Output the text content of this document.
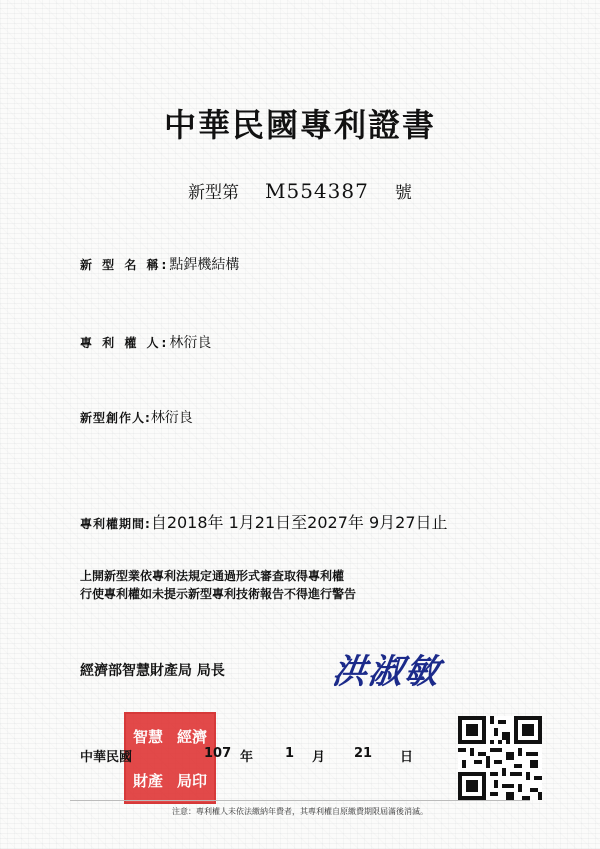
中華民國專利證書
新型第 M554387 號
新 型 名 稱:點銲機結構
專 利 權 人:林衍良
新型創作人:林衍良
專利權期間:自2018年 1月21日至2027年 9月27日止
上開新型業依專利法規定通過形式審查取得專利權
行使專利權如未提示新型專利技術報告不得進行警告
經濟部智慧財產局 局長	洪淑敏
智慧 經濟
財產 局印
中華民國	107 年 1 月 21 日
注意：專利權人未依法繳納年費者，其專利權自原繳費期限屆滿後消滅。
